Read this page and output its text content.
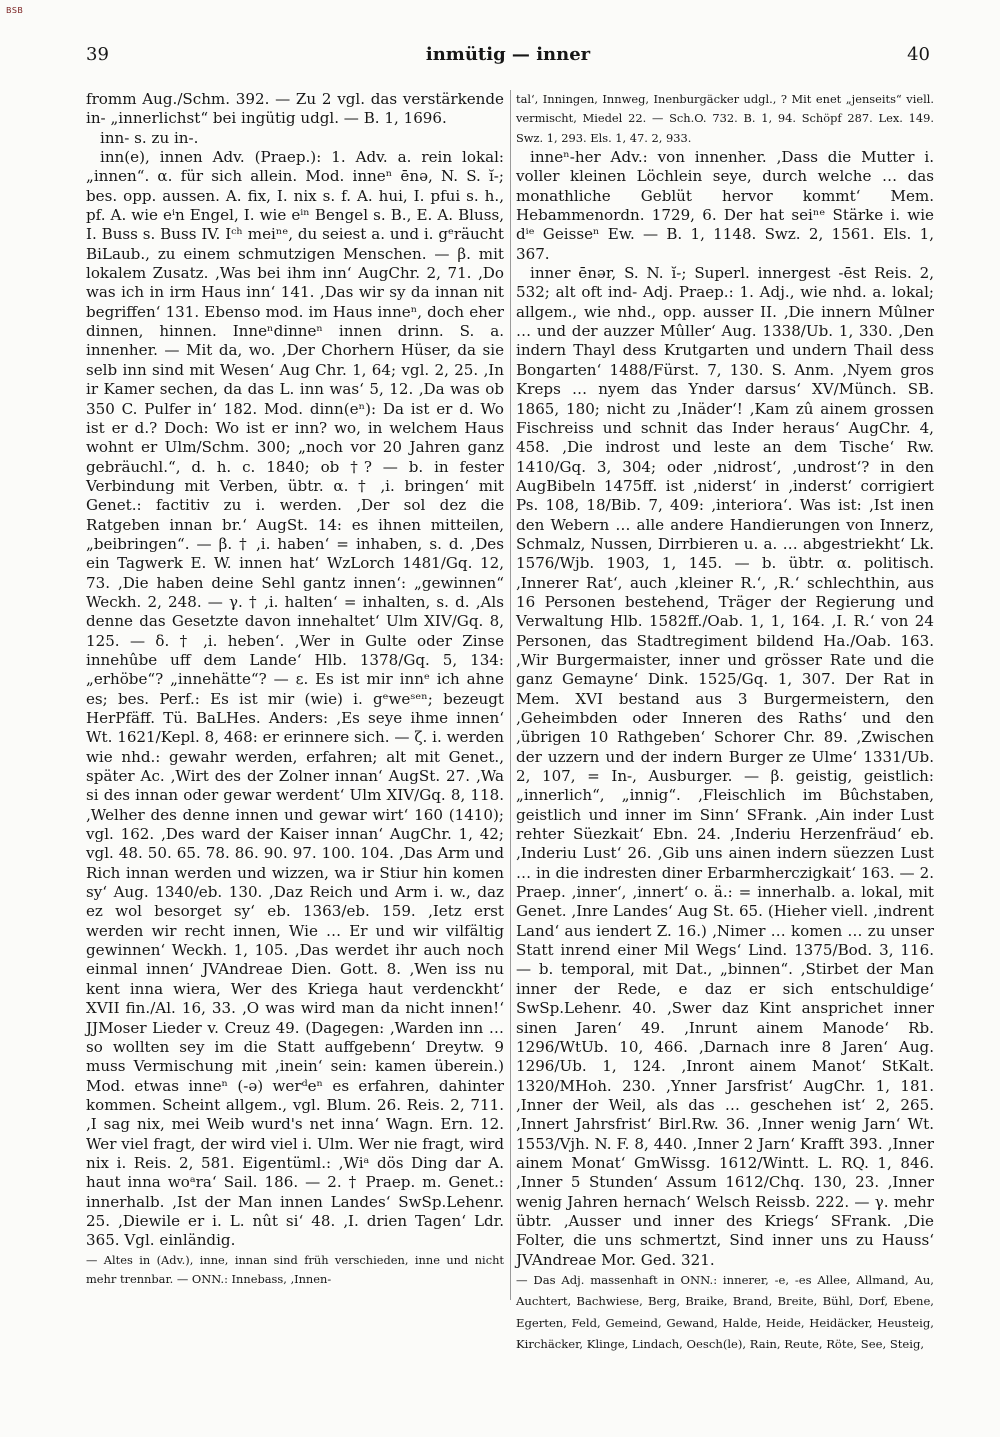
BSB
39	inmütig — inner	40

fromm Aug./Schm. 392. — Zu 2 vgl. das verstärkende in- „innerlichst“ bei ingütig udgl. — B. 1, 1696.

inn- s. zu in-.

inn(e), innen Adv. (Praep.): 1. Adv. a. rein lokal: „innen“. α. für sich allein. Mod. inneⁿ ēnə, N. S. ĭ-; bes. opp. aussen. A. fix, I. nix s. f. A. hui, I. pfui s. h., pf. A. wie eⁱn Engel, I. wie eⁱⁿ Bengel s. B., E. A. Bluss, I. Buss s. Buss IV. Iᶜʰ meiⁿᵉ, du seiest a. und i. gᵉräucht BiLaub., zu einem schmutzigen Menschen. — β. mit lokalem Zusatz. ‚Was bei ihm inn‘ AugChr. 2, 71. ‚Do was ich in irm Haus inn‘ 141. ‚Das wir sy da innan nit begriffen‘ 131. Ebenso mod. im Haus inneⁿ, doch eher dinnen, hinnen. Inneⁿdinneⁿ innen drinn. S. a. innenher. — Mit da, wo. ‚Der Chorhern Hüser, da sie selb inn sind mit Wesen‘ Aug Chr. 1, 64; vgl. 2, 25. ‚In ir Kamer sechen, da das L. inn was‘ 5, 12. ‚Da was ob 350 C. Pulfer in‘ 182. Mod. dinn(eⁿ): Da ist er d. Wo ist er d.? Doch: Wo ist er inn? wo, in welchem Haus wohnt er Ulm/Schm. 300; „noch vor 20 Jahren ganz gebräuchl.“, d. h. c. 1840; ob †? — b. in fester Verbindung mit Verben, übtr. α. † ‚i. bringen‘ mit Genet.: factitiv zu i. werden. ‚Der sol dez die Ratgeben innan br.‘ AugSt. 14: es ihnen mitteilen, „beibringen“. — β. † ‚i. haben‘ = inhaben, s. d. ‚Des ein Tagwerk E. W. innen hat‘ WzLorch 1481/Gq. 12, 73. ‚Die haben deine Sehl gantz innen‘: „gewinnen“ Weckh. 2, 248. — γ. † ‚i. halten‘ = inhalten, s. d. ‚Als denne das Gesetzte davon innehaltet‘ Ulm XIV/Gq. 8, 125. — δ. † ‚i. heben‘. ‚Wer in Gulte oder Zinse innehûbe uff dem Lande‘ Hlb. 1378/Gq. 5, 134: „erhöbe“? „innehätte“? — ε. Es ist mir innᵉ ich ahne es; bes. Perf.: Es ist mir (wie) i. gᵉweˢᵉⁿ; bezeugt HerPfäff. Tü. BaLHes. Anders: ‚Es seye ihme innen‘ Wt. 1621/Kepl. 8, 468: er erinnere sich. — ζ. i. werden wie nhd.: gewahr werden, erfahren; alt mit Genet., später Ac. ‚Wirt des der Zolner innan‘ AugSt. 27. ‚Wa si des innan oder gewar werdent‘ Ulm XIV/Gq. 8, 118. ‚Welher des denne innen und gewar wirt‘ 160 (1410); vgl. 162. ‚Des ward der Kaiser innan‘ AugChr. 1, 42; vgl. 48. 50. 65. 78. 86. 90. 97. 100. 104. ‚Das Arm und Rich innan werden und wizzen, wa ir Stiur hin komen sy‘ Aug. 1340/eb. 130. ‚Daz Reich und Arm i. w., daz ez wol besorget sy‘ eb. 1363/eb. 159. ‚Ietz erst werden wir recht innen, Wie … Er und wir vilfältig gewinnen‘ Weckh. 1, 105. ‚Das werdet ihr auch noch einmal innen‘ JVAndreae Dien. Gott. 8. ‚Wen iss nu kent inna wiera, Wer des Kriega haut verdenckht‘ XVII fin./Al. 16, 33. ‚O was wird man da nicht innen!‘ JJMoser Lieder v. Creuz 49. (Dagegen: ‚Warden inn … so wollten sey im die Statt auffgebenn‘ Dreytw. 9 muss Vermischung mit ‚inein‘ sein: kamen überein.) Mod. etwas inneⁿ (-ə) werᵈeⁿ es erfahren, dahinter kommen. Scheint allgem., vgl. Blum. 26. Reis. 2, 711. ‚I sag nix, mei Weib wurd's net inna‘ Wagn. Ern. 12. Wer viel fragt, der wird viel i. Ulm. Wer nie fragt, wird nix i. Reis. 2, 581. Eigentüml.: ‚Wiᵃ dös Ding dar A. haut inna woᵃra‘ Sail. 186. — 2. † Praep. m. Genet.: innerhalb. ‚Ist der Man innen Landes‘ SwSp.Lehenr. 25. ‚Diewile er i. L. nût si‘ 48. ‚I. drien Tagen‘ Ldr. 365. Vgl. einländig.

— Altes in (Adv.), inne, innan sind früh verschieden, inne und nicht mehr trennbar. — ONN.: Innebass, ‚Innen-

tal‘, Inningen, Innweg, Inenburgäcker udgl., ? Mit enet „jenseits“ viell. vermischt, Miedel 22. — Sch.O. 732. B. 1, 94. Schöpf 287. Lex. 149. Swz. 1, 293. Els. 1, 47. 2, 933.

inneⁿ-her Adv.: von innenher. ‚Dass die Mutter i. voller kleinen Löchlein seye, durch welche … das monathliche Geblüt hervor kommt‘ Mem. Hebammenordn. 1729, 6. Der hat seiⁿᵉ Stärke i. wie dⁱᵉ Geisseⁿ Ew. — B. 1, 1148. Swz. 2, 1561. Els. 1, 367.

inner ēnər, S. N. ĭ-; Superl. innergest -ēst Reis. 2, 532; alt oft ind- Adj. Praep.: 1. Adj., wie nhd. a. lokal; allgem., wie nhd., opp. ausser II. ‚Die innern Mûlner … und der auzzer Mûller‘ Aug. 1338/Ub. 1, 330. ‚Den indern Thayl dess Krutgarten und undern Thail dess Bongarten‘ 1488/Fürst. 7, 130. S. Anm. ‚Nyem gros Kreps … nyem das Ynder darsus‘ XV/Münch. SB. 1865, 180; nicht zu ‚Inäder‘! ‚Kam zû ainem grossen Fischreiss und schnit das Inder heraus‘ AugChr. 4, 458. ‚Die indrost und leste an dem Tische‘ Rw. 1410/Gq. 3, 304; oder ‚nidrost‘, ‚undrost‘? in den AugBibeln 1475ff. ist ‚niderst‘ in ‚inderst‘ corrigiert Ps. 108, 18/Bib. 7, 409: ‚interiora‘. Was ist: ‚Ist inen den Webern … alle andere Handierungen von Innerz, Schmalz, Nussen, Dirrbieren u. a. … abgestriekht‘ Lk. 1576/Wjb. 1903, 1, 145. — b. übtr. α. politisch. ‚Innerer Rat‘, auch ‚kleiner R.‘, ‚R.‘ schlechthin, aus 16 Personen bestehend, Träger der Regierung und Verwaltung Hlb. 1582ff./Oab. 1, 1, 164. ‚I. R.‘ von 24 Personen, das Stadtregiment bildend Ha./Oab. 163. ‚Wir Burgermaister, inner und grösser Rate und die ganz Gemayne‘ Dink. 1525/Gq. 1, 307. Der Rat in Mem. XVI bestand aus 3 Burgermeistern, den ‚Geheimbden oder Inneren des Raths‘ und den ‚übrigen 10 Rathgeben‘ Schorer Chr. 89. ‚Zwischen der uzzern und der indern Burger ze Ulme‘ 1331/Ub. 2, 107, = In-, Ausburger. — β. geistig, geistlich: „innerlich“, „innig“. ‚Fleischlich im Bûchstaben, geistlich und inner im Sinn‘ SFrank. ‚Ain inder Lust rehter Süezkait‘ Ebn. 24. ‚Inderiu Herzenfräud‘ eb. ‚Inderiu Lust‘ 26. ‚Gib uns ainen indern süezzen Lust … in die indresten diner Erbarmherczigkait‘ 163. — 2. Praep. ‚inner‘, ‚innert‘ o. ä.: = innerhalb. a. lokal, mit Genet. ‚Inre Landes‘ Aug St. 65. (Hieher viell. ‚indrent Land‘ aus iendert Z. 16.) ‚Nimer … komen … zu unser Statt inrend einer Mil Wegs‘ Lind. 1375/Bod. 3, 116. — b. temporal, mit Dat., „binnen“. ‚Stirbet der Man inner der Rede, e daz er sich entschuldige‘ SwSp.Lehenr. 40. ‚Swer daz Kint ansprichet inner sinen Jaren‘ 49. ‚Inrunt ainem Manode‘ Rb. 1296/WtUb. 10, 466. ‚Darnach inre 8 Jaren‘ Aug. 1296/Ub. 1, 124. ‚Inront ainem Manot‘ StKalt. 1320/MHoh. 230. ‚Ynner Jarsfrist‘ AugChr. 1, 181. ‚Inner der Weil, als das … geschehen ist‘ 2, 265. ‚Innert Jahrsfrist‘ Birl.Rw. 36. ‚Inner wenig Jarn‘ Wt. 1553/Vjh. N. F. 8, 440. ‚Inner 2 Jarn‘ Krafft 393. ‚Inner ainem Monat‘ GmWissg. 1612/Wintt. L. RQ. 1, 846. ‚Inner 5 Stunden‘ Assum 1612/Chq. 130, 23. ‚Inner wenig Jahren hernach‘ Welsch Reissb. 222. — γ. mehr übtr. ‚Ausser und inner des Kriegs‘ SFrank. ‚Die Folter, die uns schmertzt, Sind inner uns zu Hauss‘ JVAndreae Mor. Ged. 321.

— Das Adj. massenhaft in ONN.: innerer, -e, -es Allee, Allmand, Au, Auchtert, Bachwiese, Berg, Braike, Brand, Breite, Bühl, Dorf, Ebene, Egerten, Feld, Gemeind, Gewand, Halde, Heide, Heidäcker, Heusteig, Kirchäcker, Klinge, Lindach, Oesch(le), Rain, Reute, Röte, See, Steig,
